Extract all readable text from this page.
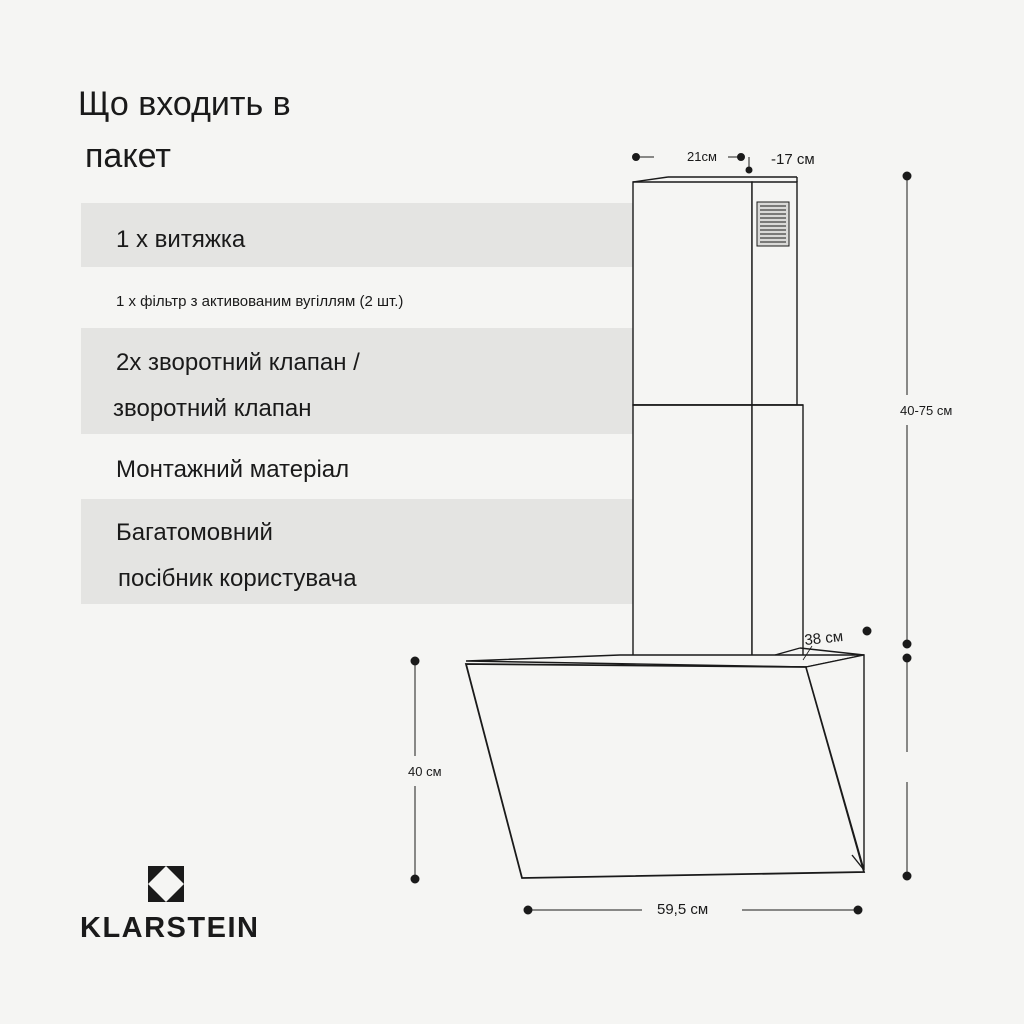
Що входить в
пакет
1 x витяжка
1 x фільтр з активованим вугіллям (2 шт.)
2x зворотний клапан /
зворотний клапан
Монтажний матеріал
Багатомовний
посібник користувача
21см	-17 см
40-75 см
38 см
40 см
59,5 см
KLARSTEIN
